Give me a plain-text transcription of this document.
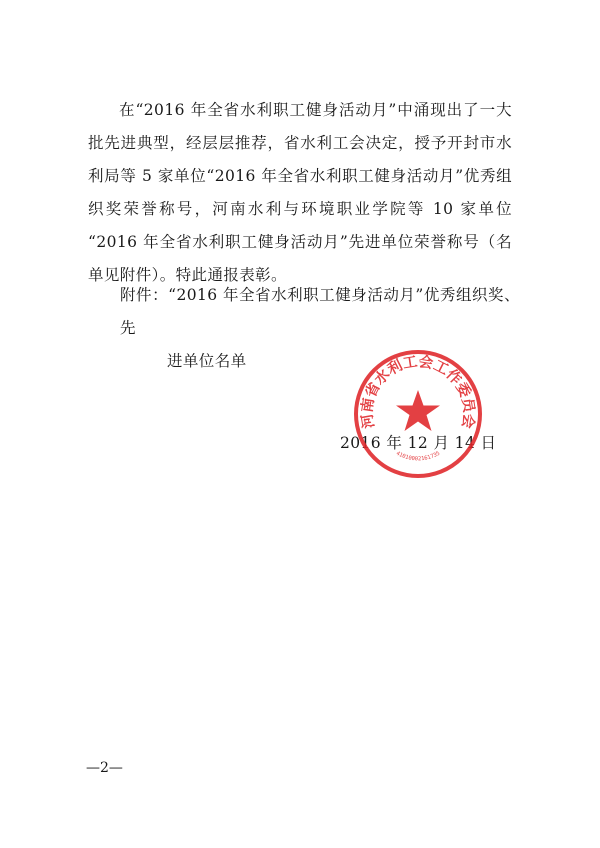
在“2016 年全省水利职工健身活动月”中涌现出了一大批先进典型，经层层推荐，省水利工会决定，授予开封市水利局等 5 家单位“2016 年全省水利职工健身活动月”优秀组织奖荣誉称号，河南水利与环境职业学院等 10 家单位 “2016 年全省水利职工健身活动月”先进单位荣誉称号（名单见附件）。特此通报表彰。

附件：“2016 年全省水利职工健身活动月”优秀组织奖、先
进单位名单

2016 年 12 月 14 日
河南省水利工会工作委员会
41010002161735
—2—
